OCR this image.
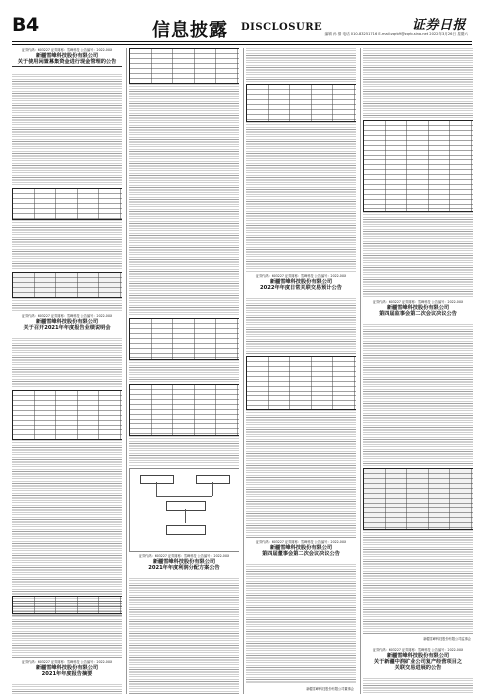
B4	信息披露 DISCLOSURE	证券日报
编辑 孙 倩 电话 010-83251716 E-mail:zqrb9@zqrb.sina.net 2022年3月26日 星期六
证券代码：603227 证券简称：雪峰科技 公告编号：2022-0XX
新疆雪峰科技股份有限公司
关于使用闲置募集资金进行现金管理的公告
证券代码：603227 证券简称：雪峰科技 公告编号：2022-0XX
新疆雪峰科技股份有限公司
关于召开2021年年度报告业绩说明会
证券代码：603227 证券简称：雪峰科技 公告编号：2022-0XX
新疆雪峰科技股份有限公司
2021年年度报告摘要
证券代码：603227 证券简称：雪峰科技 公告编号：2022-0XX
新疆雪峰科技股份有限公司
2021年年度利润分配方案公告
证券代码：603227 证券简称：雪峰科技 公告编号：2022-0XX
新疆雪峰科技股份有限公司
2022年年度日常关联交易预计公告
证券代码：603227 证券简称：雪峰科技 公告编号：2022-0XX
新疆雪峰科技股份有限公司
第四届董事会第二次会议决议公告
新疆雪峰科技股份有限公司董事会
证券代码：603227 证券简称：雪峰科技 公告编号：2022-0XX
新疆雪峰科技股份有限公司
第四届监事会第二次会议决议公告
新疆雪峰科技股份有限公司监事会
证券代码：603227 证券简称：雪峰科技 公告编号：2022-0XX
新疆雪峰科技股份有限公司
关于新疆中润矿业公司复产经营项目之
关联交易进展的公告
